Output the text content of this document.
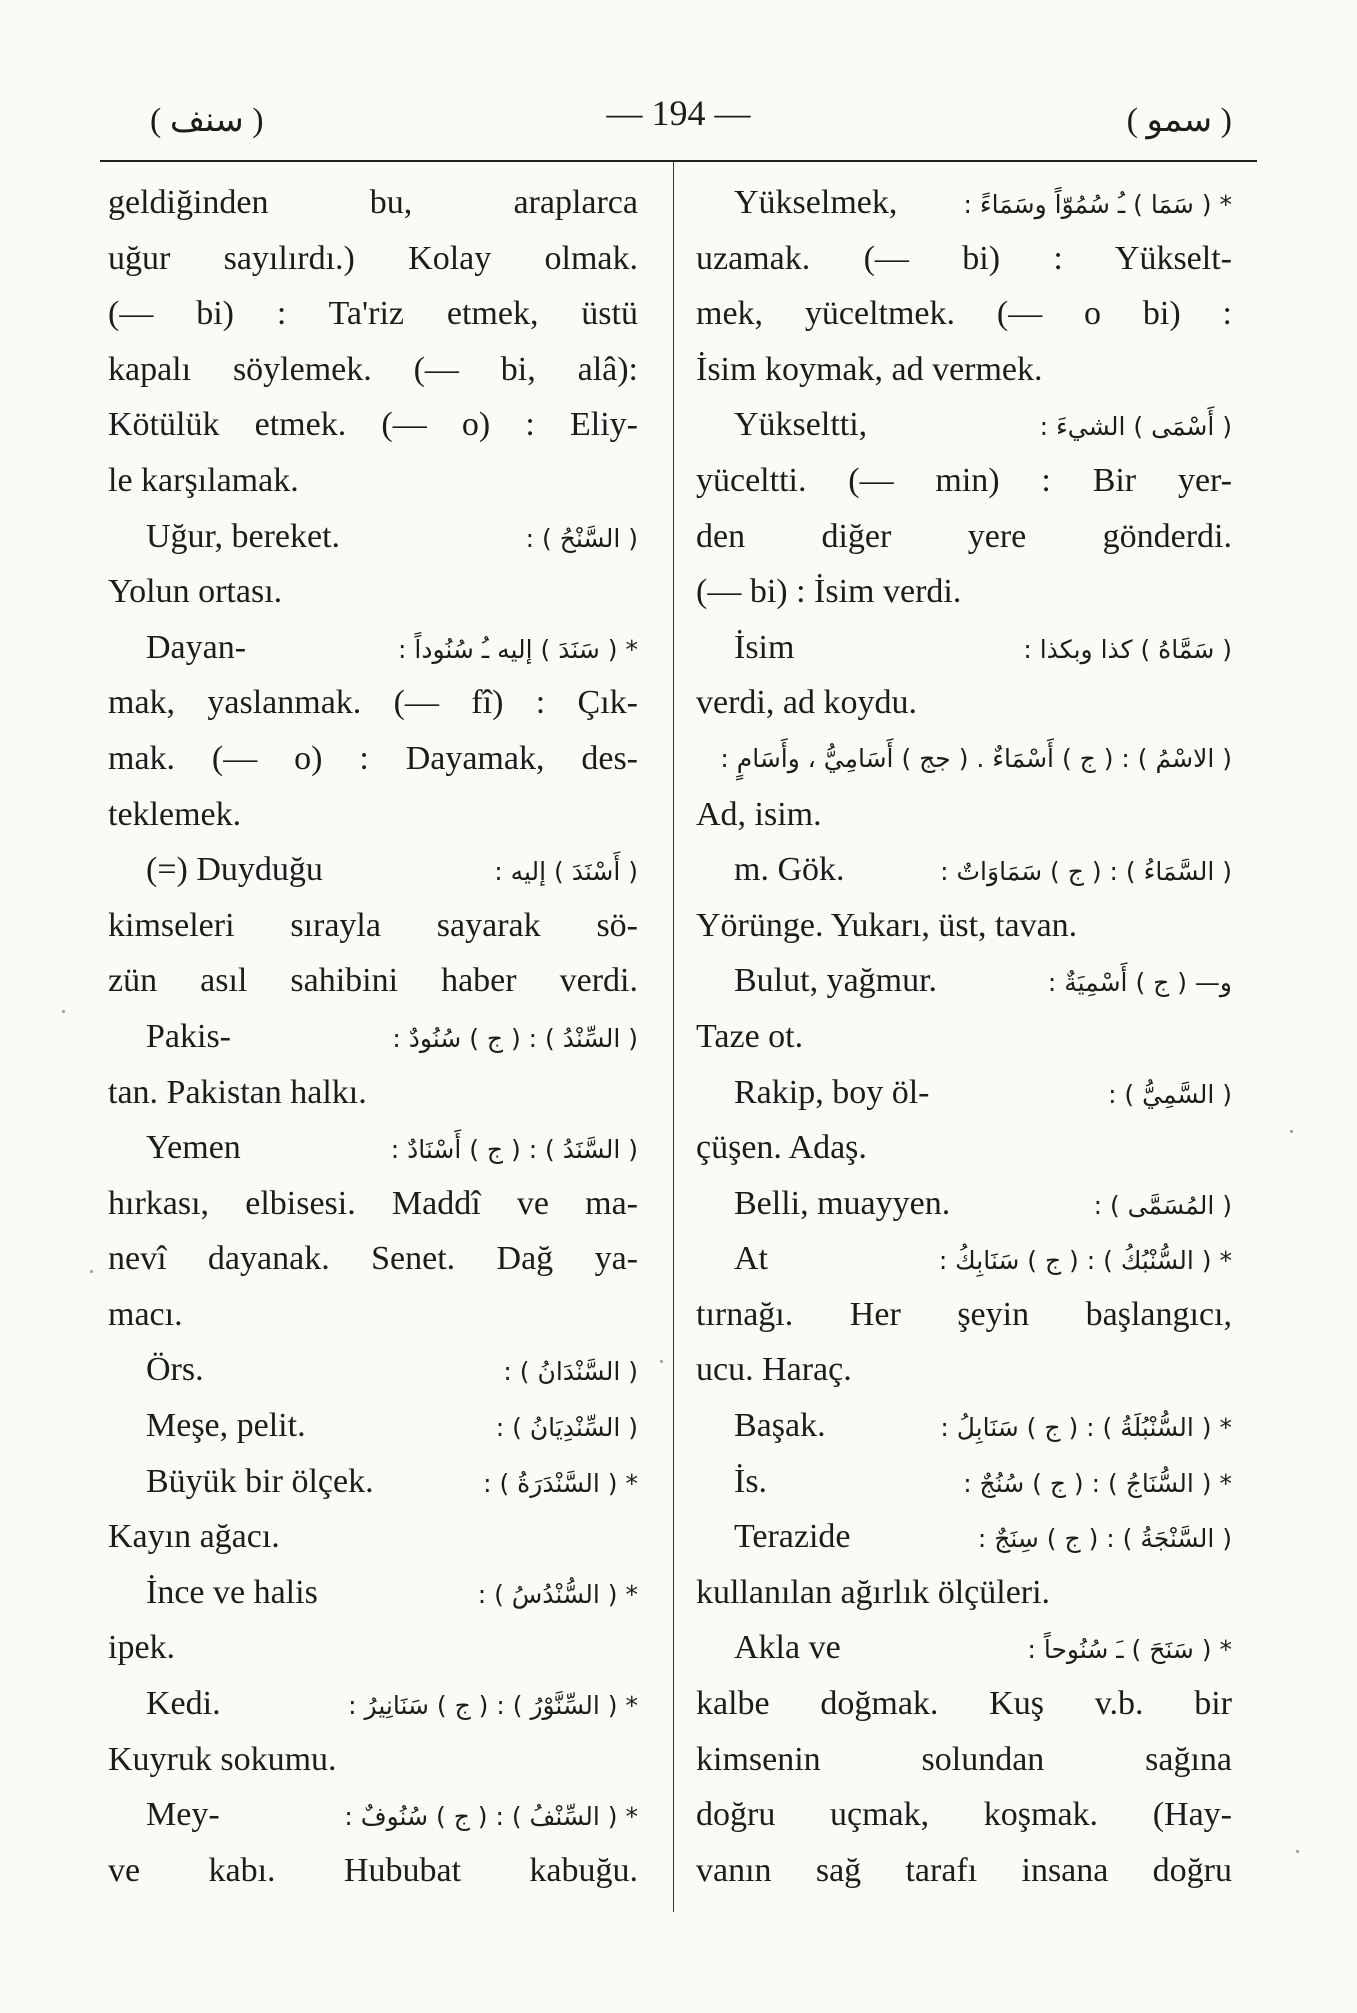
( سنف )	— 194 —	( سمو )
geldiğinden bu, araplarca
uğur sayılırdı.) Kolay olmak.
(— bi) : Ta'riz etmek, üstü
kapalı söylemek. (— bi, alâ):
Kötülük etmek. (— o) : Eliy-
le karşılamak.
Uğur, bereket.	( السَّنْحُ ) :
Yolun ortası.
Dayan-	* ( سَنَدَ ) إليه ـُ سُنُوداً :
mak, yaslanmak. (— fî) : Çık-
mak. (— o) : Dayamak, des-
teklemek.
(=) Duyduğu	( أَسْنَدَ ) إليه :
kimseleri sırayla sayarak sö-
zün asıl sahibini haber verdi.
Pakis-	( السِّنْدُ ) : ( ج ) سُنُودٌ :
tan. Pakistan halkı.
Yemen	( السَّنَدُ ) : ( ج ) أَسْنَادٌ :
hırkası, elbisesi. Maddî ve ma-
nevî dayanak. Senet. Dağ ya-
macı.
Örs.	( السَّنْدَانُ ) :
Meşe, pelit.	( السِّنْدِيَانُ ) :
Büyük bir ölçek.	* ( السَّنْدَرَةُ ) :
Kayın ağacı.
İnce ve halis	* ( السُّنْدُسُ ) :
ipek.
Kedi.	* ( السِّنَّوْرُ ) : ( ج ) سَنَانِيرُ :
Kuyruk sokumu.
Mey-	* ( السِّنْفُ ) : ( ج ) سُنُوفٌ :
ve kabı. Hububat kabuğu.
Yükselmek,	* ( سَمَا ) ـُ سُمُوّاً وسَمَاءً :
uzamak. (— bi) : Yükselt-
mek, yüceltmek. (— o bi) :
İsim koymak, ad vermek.
Yükseltti,	( أَسْمَى ) الشيءَ :
yüceltti. (— min) : Bir yer-
den diğer yere gönderdi.
(— bi) : İsim verdi.
İsim	( سَمَّاهُ ) كذا وبكذا :
verdi, ad koydu.
( الاسْمُ ) : ( ج ) أَسْمَاءٌ . ( جج ) أَسَامِيُّ ، وأَسَامٍ :
Ad, isim.
m. Gök.	( السَّمَاءُ ) : ( ج ) سَمَاوَاتٌ :
Yörünge. Yukarı, üst, tavan.
Bulut, yağmur.	و— ( ج ) أَسْمِيَةٌ :
Taze ot.
Rakip, boy öl-	( السَّمِيُّ ) :
çüşen. Adaş.
Belli, muayyen.	( المُسَمَّى ) :
At	* ( السُّنْبُكُ ) : ( ج ) سَنَابِكُ :
tırnağı. Her şeyin başlangıcı,
ucu. Haraç.
Başak.	* ( السُّنْبُلَةُ ) : ( ج ) سَنَابِلُ :
İs.	* ( السُّنَاجُ ) : ( ج ) سُنُجٌ :
Terazide	( السَّنْجَةُ ) : ( ج ) سِنَجٌ :
kullanılan ağırlık ölçüleri.
Akla ve	* ( سَنَحَ ) ـَ سُنُوحاً :
kalbe doğmak. Kuş v.b. bir
kimsenin solundan sağına
doğru uçmak, koşmak. (Hay-
vanın sağ tarafı insana doğru
